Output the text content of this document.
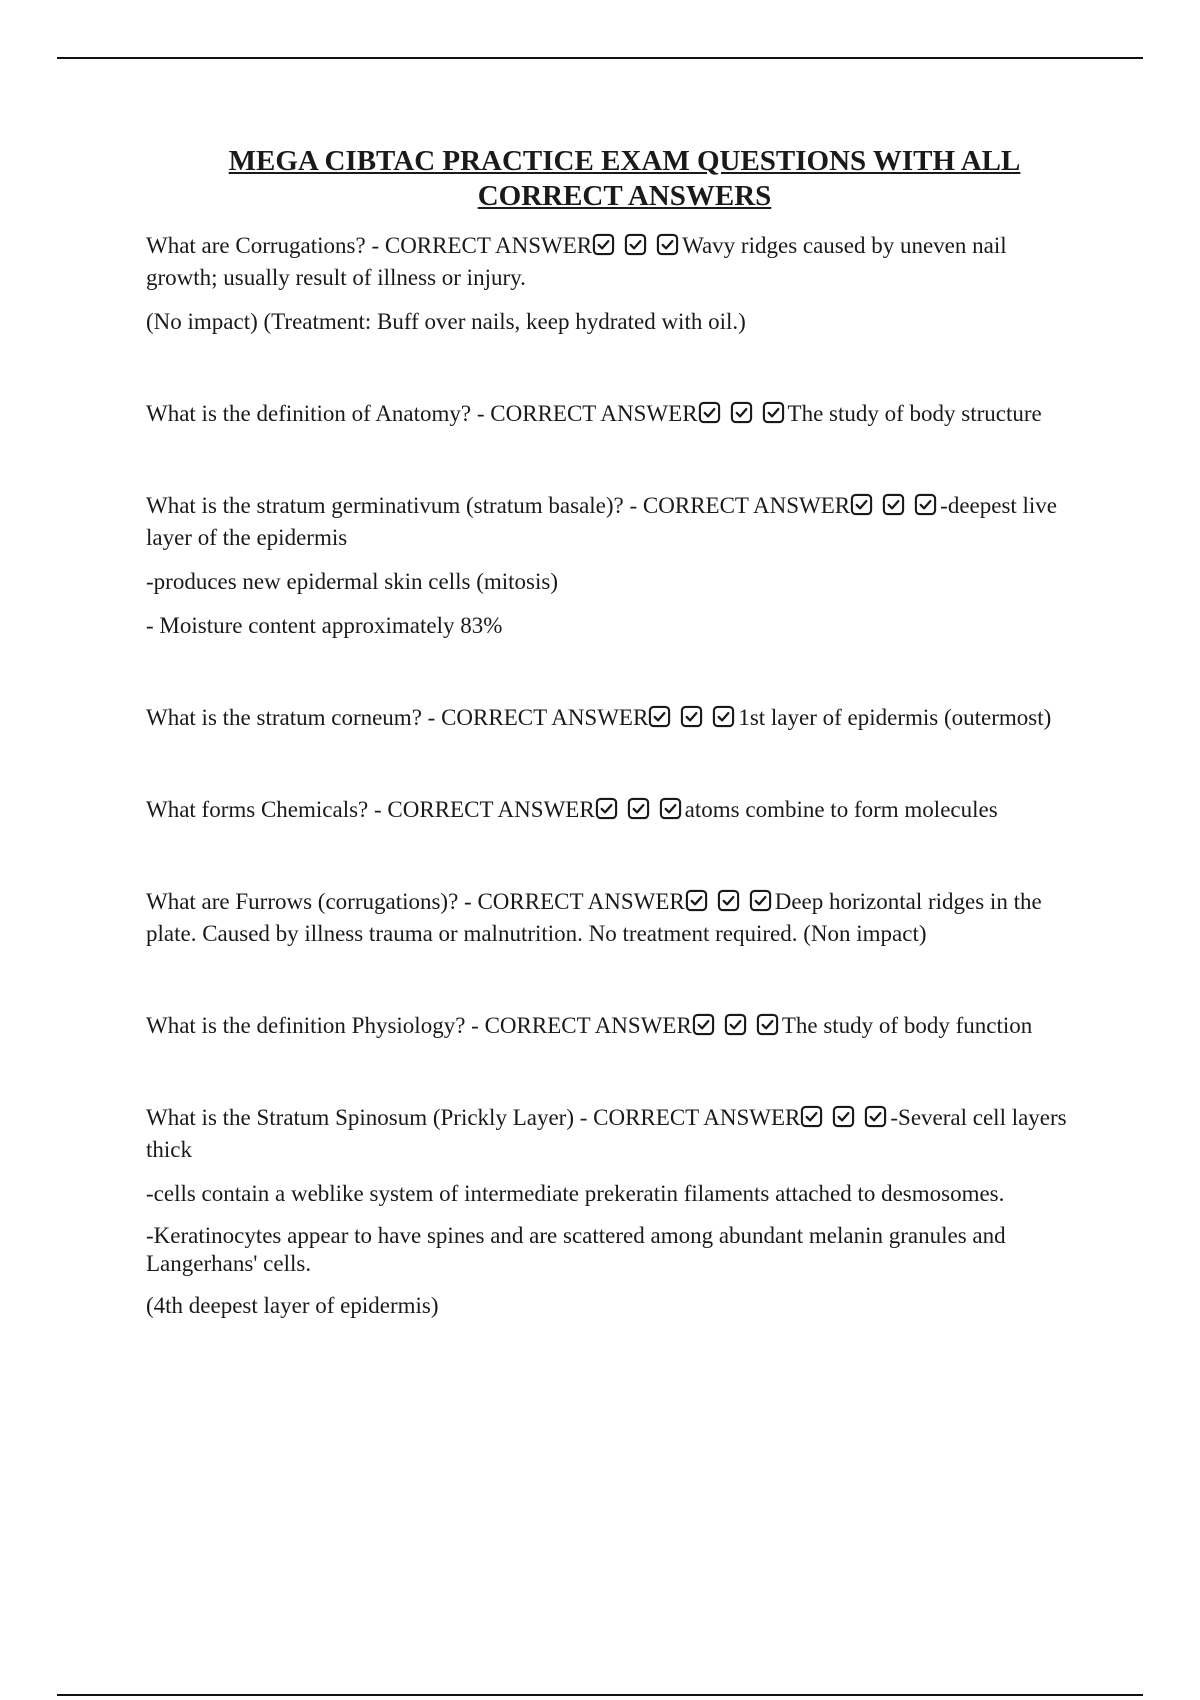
MEGA CIBTAC PRACTICE EXAM QUESTIONS WITH ALL CORRECT ANSWERS

What are Corrugations? - CORRECT ANSWER	Wavy ridges caused by uneven nail growth; usually result of illness or injury.

(No impact) (Treatment: Buff over nails, keep hydrated with oil.)

What is the definition of Anatomy? - CORRECT ANSWER	The study of body structure

What is the stratum germinativum (stratum basale)? - CORRECT ANSWER	-deepest live layer of the epidermis

-produces new epidermal skin cells (mitosis)

- Moisture content approximately 83%

What is the stratum corneum? - CORRECT ANSWER	1st layer of epidermis (outermost)

What forms Chemicals? - CORRECT ANSWER	atoms combine to form molecules

What are Furrows (corrugations)? - CORRECT ANSWER	Deep horizontal ridges in the plate. Caused by illness trauma or malnutrition. No treatment required. (Non impact)

What is the definition Physiology? - CORRECT ANSWER	The study of body function

What is the Stratum Spinosum (Prickly Layer) - CORRECT ANSWER	-Several cell layers thick

-cells contain a weblike system of intermediate prekeratin filaments attached to desmosomes.

-Keratinocytes appear to have spines and are scattered among abundant melanin granules and Langerhans' cells.

(4th deepest layer of epidermis)
